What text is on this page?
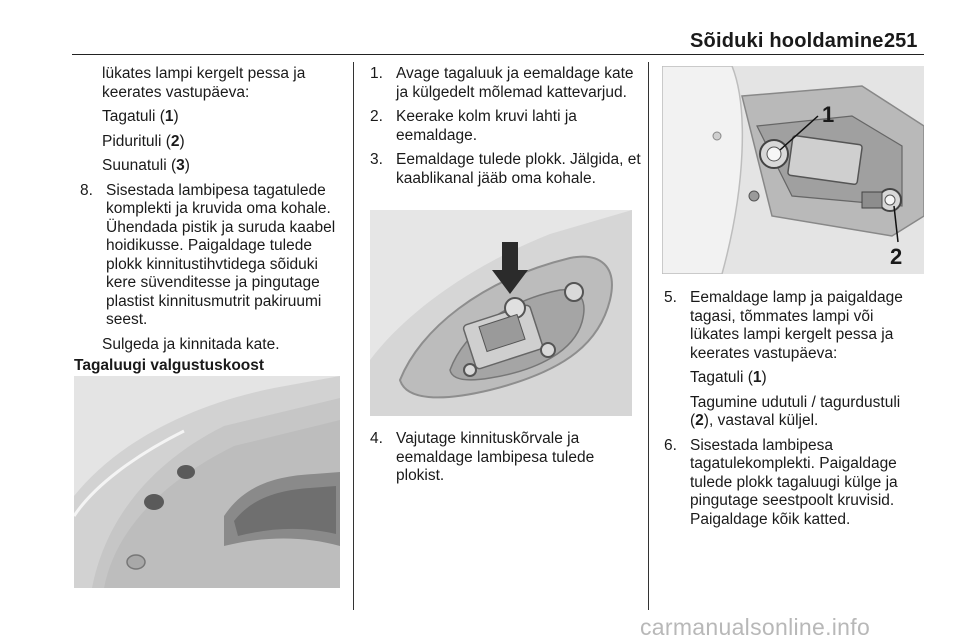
Sõiduki hooldamine 251
lükates lampi kergelt pessa ja
keerates vastupäeva:

Tagatuli (1)

Pidurituli (2)

Suunatuli (3)

8. Sisestada lambipesa tagatulede komplekti ja kruvida oma kohale. Ühendada pistik ja suruda kaabel hoidikusse. Paigaldage tulede plokk kinnitustihvtidega sõiduki kere süvenditesse ja pingutage plastist kinnitusmutrit pakiruumi seest.

Sulgeda ja kinnitada kate.

Tagaluugi valgustuskoost
1. Avage tagaluuk ja eemaldage kate ja külgedelt mõlemad kattevarjud.
2. Keerake kolm kruvi lahti ja eemaldage.
3. Eemaldage tulede plokk. Jälgida, et kaablikanal jääb oma kohale.
4. Vajutage kinnituskõrvale ja eemaldage lambipesa tulede plokist.
1
2
5. Eemaldage lamp ja paigaldage tagasi, tõmmates lampi või lükates lampi kergelt pessa ja keerates vastupäeva:

Tagatuli (1)

Tagumine udutuli / tagurdustuli (2), vastaval küljel.

6. Sisestada lambipesa tagatulekomplekti. Paigaldage tulede plokk tagaluugi külge ja pingutage seestpoolt kruvisid. Paigaldage kõik katted.
carmanualsonline.info
